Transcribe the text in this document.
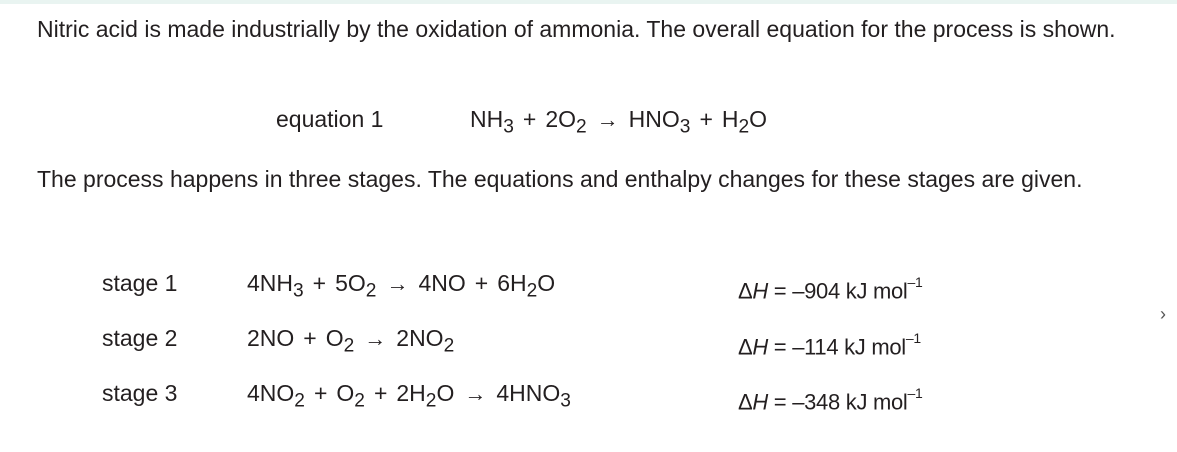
Nitric acid is made industrially by the oxidation of ammonia. The overall equation for the process is shown.

equation 1	$NH_3 + 2O_2 \to HNO_3 + H_2O$

The process happens in three stages. The equations and enthalpy changes for these stages are given.

stage 1	$4NH_3 + 5O_2 \to 4NO + 6H_2O$	ΔH = –904 kJ mol$^{-1}$
stage 2	$2NO + O_2 \to 2NO_2$	ΔH = –114 kJ mol$^{-1}$
stage 3	$4NO_2 + O_2 + 2H_2O \to 4HNO_3$	ΔH = –348 kJ mol$^{-1}$
›
